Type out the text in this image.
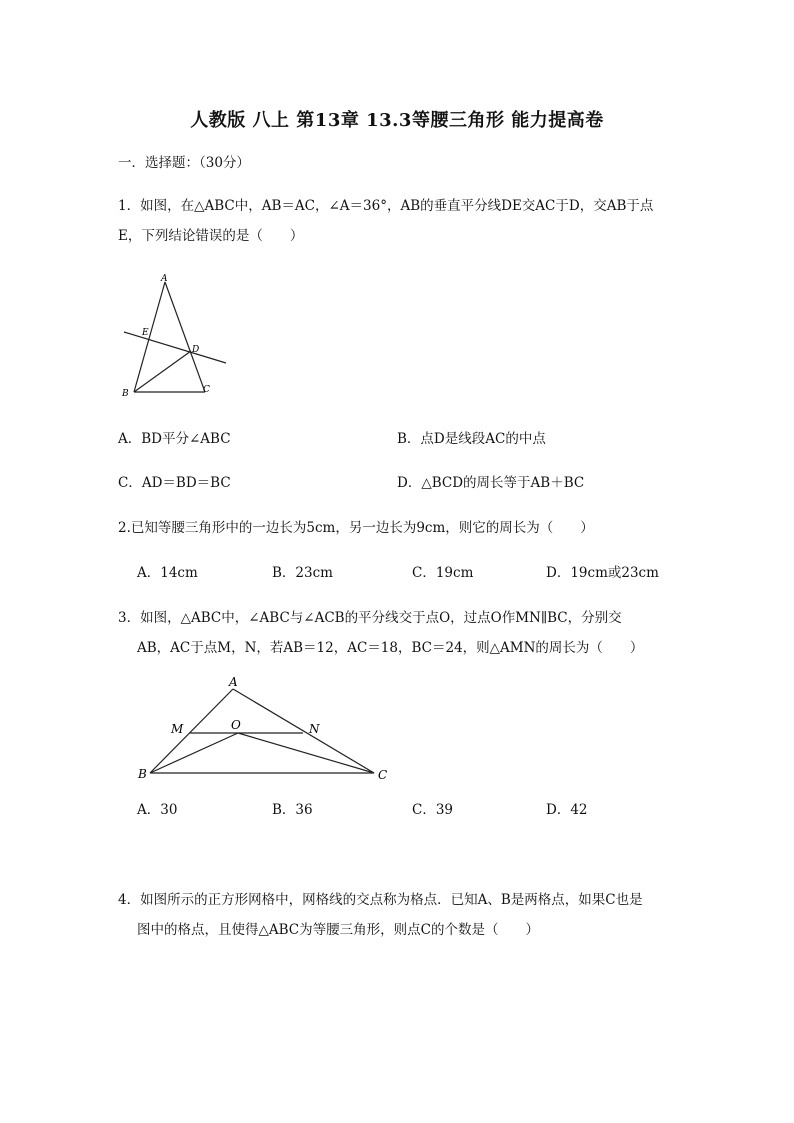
人教版 八上 第13章 13.3等腰三角形 能力提高卷
一．选择题：（30分）
1．如图，在△ABC中，AB＝AC，∠A＝36°，AB的垂直平分线DE交AC于D，交AB于点
E，下列结论错误的是（　　）
A
E
D
B	C
A．BD平分∠ABC	B．点D是线段AC的中点
C．AD＝BD＝BC	D．△BCD的周长等于AB＋BC
2.已知等腰三角形中的一边长为5cm，另一边长为9cm，则它的周长为（　　）
A．14cm	B．23cm	C．19cm	D．19cm或23cm
3．如图，△ABC中，∠ABC与∠ACB的平分线交于点O，过点O作MN∥BC，分别交
AB，AC于点M，N，若AB＝12，AC＝18，BC＝24，则△AMN的周长为（　　）
A
M	O	N
B	C
A．30	B．36	C．39	D．42
4．如图所示的正方形网格中，网格线的交点称为格点．已知A、B是两格点，如果C也是
图中的格点，且使得△ABC为等腰三角形，则点C的个数是（　　）
